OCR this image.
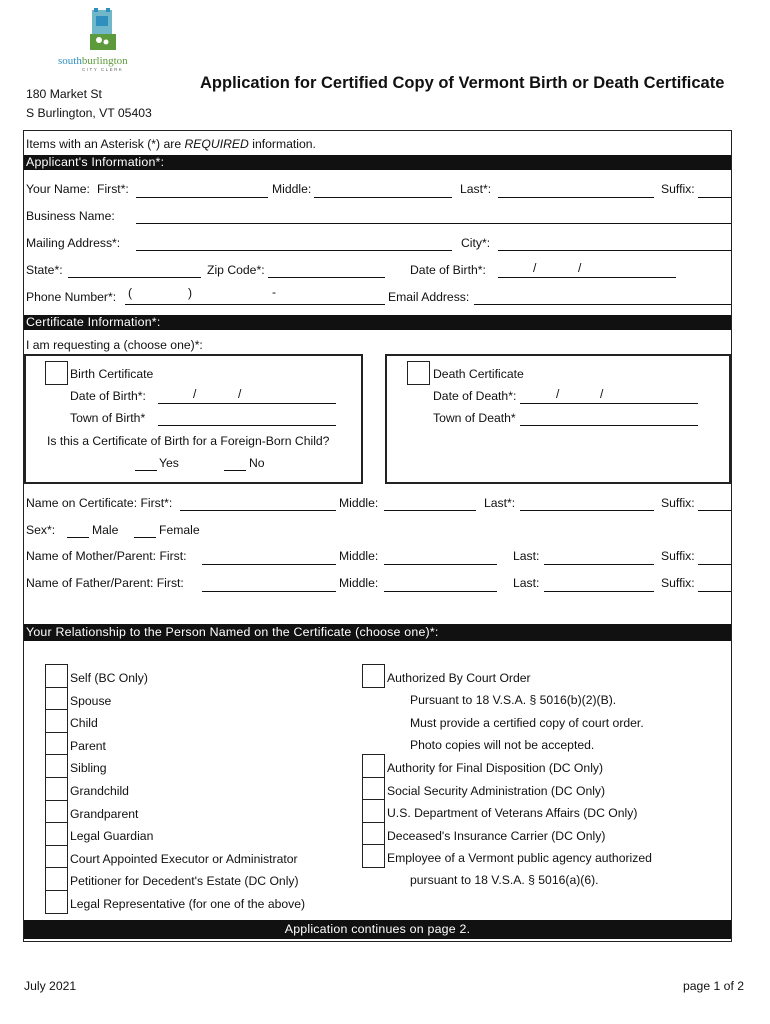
southburlington
CITY CLERK
180 Market St
S Burlington, VT 05403
Application for Certified Copy of Vermont Birth or Death Certificate
Items with an Asterisk (*) are REQUIRED information.
Applicant's Information*:
Your Name: First*:	Middle:	Last*:	Suffix:
Business Name:
Mailing Address*:	City*:
State*:	Zip Code*:	Date of Birth*:	/	/
Phone Number*: (	)	-	Email Address:
Certificate Information*:
I am requesting a (choose one)*:
Birth Certificate
Date of Birth*:	/	/
Town of Birth*
Is this a Certificate of Birth for a Foreign-Born Child?
Yes	No
Death Certificate
Date of Death*:	/	/
Town of Death*
Name on Certificate: First*:	Middle:	Last*:	Suffix:
Sex*:	Male	Female
Name of Mother/Parent: First:	Middle:	Last:	Suffix:
Name of Father/Parent: First:	Middle:	Last:	Suffix:
Your Relationship to the Person Named on the Certificate (choose one)*:
Self (BC Only)
Spouse
Child
Parent
Sibling
Grandchild
Grandparent
Legal Guardian
Court Appointed Executor or Administrator
Petitioner for Decedent's Estate (DC Only)
Legal Representative (for one of the above)
Authorized By Court Order
Pursuant to 18 V.S.A. § 5016(b)(2)(B).
Must provide a certified copy of court order.
Photo copies will not be accepted.
Authority for Final Disposition (DC Only)
Social Security Administration (DC Only)
U.S. Department of Veterans Affairs (DC Only)
Deceased's Insurance Carrier (DC Only)
Employee of a Vermont public agency authorized
pursuant to 18 V.S.A. § 5016(a)(6).
Application continues on page 2.
July 2021	page 1 of 2
